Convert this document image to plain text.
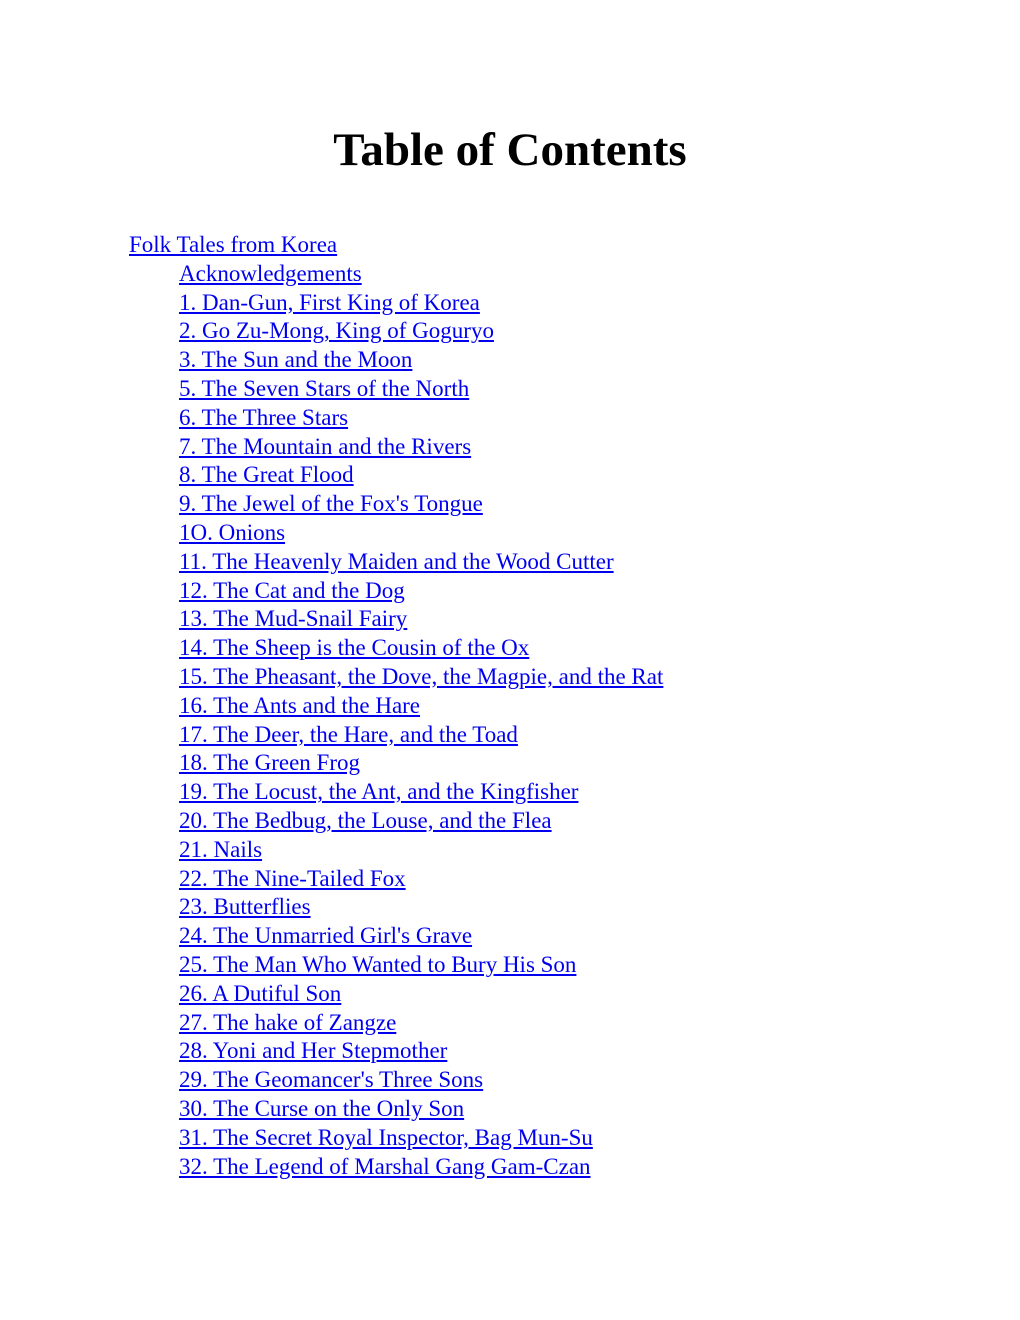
Table of Contents
Folk Tales from Korea
Acknowledgements
1. Dan-Gun, First King of Korea
2. Go Zu-Mong, King of Goguryo
3. The Sun and the Moon
5. The Seven Stars of the North
6. The Three Stars
7. The Mountain and the Rivers
8. The Great Flood
9. The Jewel of the Fox's Tongue
1O. Onions
11. The Heavenly Maiden and the Wood Cutter
12. The Cat and the Dog
13. The Mud-Snail Fairy
14. The Sheep is the Cousin of the Ox
15. The Pheasant, the Dove, the Magpie, and the Rat
16. The Ants and the Hare
17. The Deer, the Hare, and the Toad
18. The Green Frog
19. The Locust, the Ant, and the Kingfisher
20. The Bedbug, the Louse, and the Flea
21. Nails
22. The Nine-Tailed Fox
23. Butterflies
24. The Unmarried Girl's Grave
25. The Man Who Wanted to Bury His Son
26. A Dutiful Son
27. The hake of Zangze
28. Yoni and Her Stepmother
29. The Geomancer's Three Sons
30. The Curse on the Only Son
31. The Secret Royal Inspector, Bag Mun-Su
32. The Legend of Marshal Gang Gam-Czan
